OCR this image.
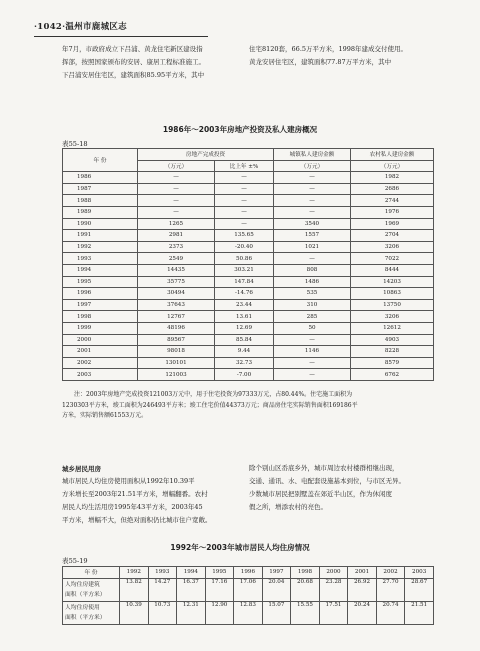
·1042·温州市鹿城区志

年7月，市政府成立下吕浦、黄龙住宅新区建设指

挥部，按照国家颁布的安居、康居工程标准施工。

下吕浦安居住宅区，建筑面积85.95平方米，其中

住宅8120套，66.5万平方米，1998年建成交付使用。

黄龙安居住宅区，建筑面积77.87万平方米，其中

1986年～2003年房地产投资及私人建房概况
表55-18
年 份	房地产完成投资		城镇私人建房金额	农村私人建房金额
	（万元）	比上年 ±%	（万元）	（万元）
1986	—	—	—	1982
1987	—	—	—	2686
1988	—	—	—	2744
1989	—	—	—	1976
1990	1265	—	3540	1969
1991	2981	135.65	1557	2704
1992	2373	-20.40	1021	3206
1993	2549	50.86	—	7022
1994	14435	303.21	808	8444
1995	35775	147.84	1486	14203
1996	30494	-14.76	535	10863
1997	37643	23.44	310	13750
1998	12767	13.61	285	3206
1999	48196	12.69	50	12612
2000	89567	85.84	—	4903
2001	98018	9.44	1146	8228
2002	130101	32.73	—	8579
2003	121003	-7.00	—	6762

注：2003年房地产完成投资121003万元中，用于住宅投资为97333万元，占80.44%。住宅施工面积为

1230303平方米，竣工面积为246493平方米；竣工住宅价值44373万元；商品房住宅实际销售面积169186平

方米，实际销售额61553万元。

城乡居民用房

城市居民人均住房使用面积从1992年10.39平

方米增长至2003年21.51平方米，增幅翻番。农村

居民人均生活用房1995年43平方米，2003年45

平方米，增幅不大，但绝对面积仍比城市住户宽敞。

除个别山区岙底乡外，城市周边农村楼群相继出现，

交通、通讯、水、电配套设施基本到位，与市区无异。

少数城市居民把别墅盖在郊近半山区，作为休闲度

假之所，增添农村的亮色。

1992年～2003年城市居民人均住房情况
表55-19
年 份	1992	1993	1994	1995	1996	1997	1998	2000	2001	2002	2003

人均住房建筑
面积（平方米）	13.82	14.27	16.37	17.16	17.06	20.04	20.68	23.28	26.92	27.70	28.67

人均住房使用
面积（平方米）	10.39	10.73	12.31	12.90	12.83	15.07	15.55	17.51	20.24	20.74	21.51
